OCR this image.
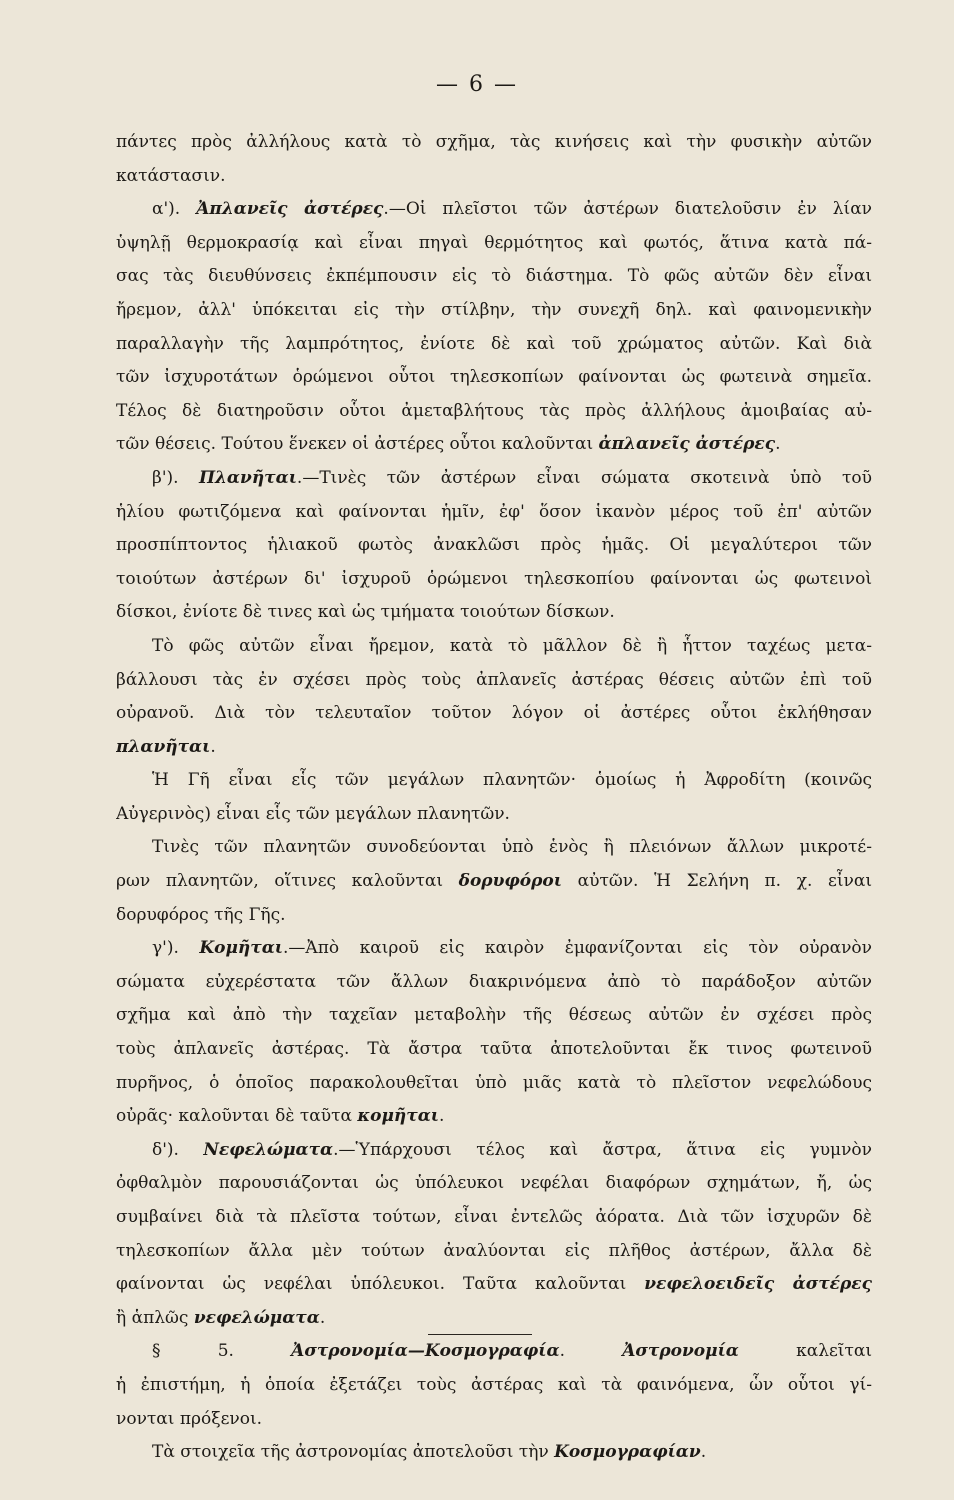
— 6 —
πάντες πρὸς ἀλλήλους κατὰ τὸ σχῆμα, τὰς κινήσεις καὶ τὴν φυσικὴν αὐτῶν
κατάστασιν.
α'). Ἀπλανεῖς ἀστέρες.—Οἱ πλεῖστοι τῶν ἀστέρων διατελοῦσιν ἐν λίαν
ὑψηλῇ θερμοκρασίᾳ καὶ εἶναι πηγαὶ θερμότητος καὶ φωτός, ἅτινα κατὰ πά-
σας τὰς διευθύνσεις ἐκπέμπουσιν εἰς τὸ διάστημα. Τὸ φῶς αὐτῶν δὲν εἶναι
ἤρεμον, ἀλλ' ὑπόκειται εἰς τὴν στίλβην, τὴν συνεχῆ δηλ. καὶ φαινομενικὴν
παραλλαγὴν τῆς λαμπρότητος, ἐνίοτε δὲ καὶ τοῦ χρώματος αὐτῶν. Καὶ διὰ
τῶν ἰσχυροτάτων ὁρώμενοι οὗτοι τηλεσκοπίων φαίνονται ὡς φωτεινὰ σημεῖα.
Τέλος δὲ διατηροῦσιν οὗτοι ἀμεταβλήτους τὰς πρὸς ἀλλήλους ἀμοιβαίας αὐ-
τῶν θέσεις. Τούτου ἕνεκεν οἱ ἀστέρες οὗτοι καλοῦνται ἀπλανεῖς ἀστέρες.
β'). Πλανῆται.—Τινὲς τῶν ἀστέρων εἶναι σώματα σκοτεινὰ ὑπὸ τοῦ
ἡλίου φωτιζόμενα καὶ φαίνονται ἡμῖν, ἐφ' ὅσον ἱκανὸν μέρος τοῦ ἐπ' αὐτῶν
προσπίπτοντος ἡλιακοῦ φωτὸς ἀνακλῶσι πρὸς ἡμᾶς. Οἱ μεγαλύτεροι τῶν
τοιούτων ἀστέρων δι' ἰσχυροῦ ὁρώμενοι τηλεσκοπίου φαίνονται ὡς φωτεινοὶ
δίσκοι, ἐνίοτε δὲ τινες καὶ ὡς τμήματα τοιούτων δίσκων.
Τὸ φῶς αὐτῶν εἶναι ἤρεμον, κατὰ τὸ μᾶλλον δὲ ἢ ἧττον ταχέως μετα-
βάλλουσι τὰς ἐν σχέσει πρὸς τοὺς ἀπλανεῖς ἀστέρας θέσεις αὐτῶν ἐπὶ τοῦ
οὐρανοῦ. Διὰ τὸν τελευταῖον τοῦτον λόγον οἱ ἀστέρες οὗτοι ἐκλήθησαν
πλανῆται.
Ἡ Γῆ εἶναι εἷς τῶν μεγάλων πλανητῶν· ὁμοίως ἡ Ἀφροδίτη (κοινῶς
Αὐγερινὸς) εἶναι εἷς τῶν μεγάλων πλανητῶν.
Τινὲς τῶν πλανητῶν συνοδεύονται ὑπὸ ἑνὸς ἢ πλειόνων ἄλλων μικροτέ-
ρων πλανητῶν, οἵτινες καλοῦνται δορυφόροι αὐτῶν. Ἡ Σελήνη π. χ. εἶναι
δορυφόρος τῆς Γῆς.
γ'). Κομῆται.—Ἀπὸ καιροῦ εἰς καιρὸν ἐμφανίζονται εἰς τὸν οὐρανὸν
σώματα εὐχερέστατα τῶν ἄλλων διακρινόμενα ἀπὸ τὸ παράδοξον αὐτῶν
σχῆμα καὶ ἀπὸ τὴν ταχεῖαν μεταβολὴν τῆς θέσεως αὐτῶν ἐν σχέσει πρὸς
τοὺς ἀπλανεῖς ἀστέρας. Τὰ ἄστρα ταῦτα ἀποτελοῦνται ἔκ τινος φωτεινοῦ
πυρῆνος, ὁ ὁποῖος παρακολουθεῖται ὑπὸ μιᾶς κατὰ τὸ πλεῖστον νεφελώδους
οὐρᾶς· καλοῦνται δὲ ταῦτα κομῆται.
δ'). Νεφελώματα.—Ὑπάρχουσι τέλος καὶ ἄστρα, ἅτινα εἰς γυμνὸν
ὀφθαλμὸν παρουσιάζονται ὡς ὑπόλευκοι νεφέλαι διαφόρων σχημάτων, ἤ, ὡς
συμβαίνει διὰ τὰ πλεῖστα τούτων, εἶναι ἐντελῶς ἀόρατα. Διὰ τῶν ἰσχυρῶν δὲ
τηλεσκοπίων ἄλλα μὲν τούτων ἀναλύονται εἰς πλῆθος ἀστέρων, ἄλλα δὲ
φαίνονται ὡς νεφέλαι ὑπόλευκοι. Ταῦτα καλοῦνται νεφελοειδεῖς ἀστέρες
ἢ ἁπλῶς νεφελώματα.
§ 5. Ἀστρονομία—Κοσμογραφία. Ἀστρονομία καλεῖται
ἡ ἐπιστήμη, ἡ ὁποία ἐξετάζει τοὺς ἀστέρας καὶ τὰ φαινόμενα, ὧν οὗτοι γί-
νονται πρόξενοι.
Τὰ στοιχεῖα τῆς ἀστρονομίας ἀποτελοῦσι τὴν Κοσμογραφίαν.
